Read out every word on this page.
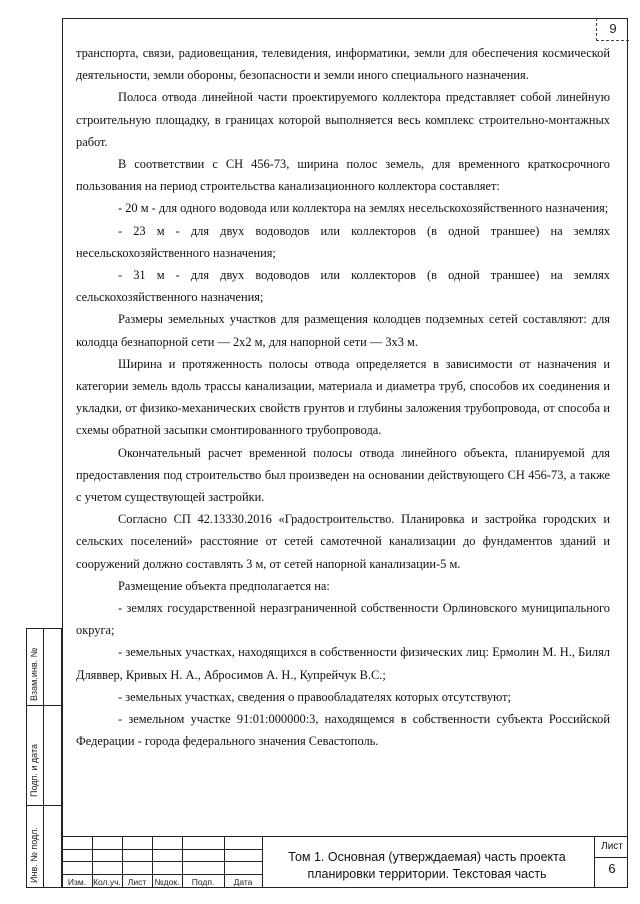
9

транспорта, связи, радиовещания, телевидения, информатики, земли для обеспечения космической деятельности, земли обороны, безопасности и земли иного специального назначения.

Полоса отвода линейной части проектируемого коллектора представляет собой линейную строительную площадку, в границах которой выполняется весь комплекс строительно-монтажных работ.

В соответствии с СН 456-73, ширина полос земель, для временного краткосрочного пользования на период строительства канализационного коллектора составляет:

- 20 м - для одного водовода или коллектора на землях несельскохозяйственного назначения;

- 23 м - для двух водоводов или коллекторов (в одной траншее) на землях несельскохозяйственного назначения;

- 31 м - для двух водоводов или коллекторов (в одной траншее) на землях сельскохозяйственного назначения;

Размеры земельных участков для размещения колодцев подземных сетей составляют: для колодца безнапорной сети — 2х2 м, для напорной сети — 3х3 м.

Ширина и протяженность полосы отвода определяется в зависимости от назначения и категории земель вдоль трассы канализации, материала и диаметра труб, способов их соединения и укладки, от физико-механических свойств грунтов и глубины заложения трубопровода, от способа и схемы обратной засыпки смонтированного трубопровода.

Окончательный расчет временной полосы отвода линейного объекта, планируемой для предоставления под строительство был произведен на основании действующего СН 456-73, а также с учетом существующей застройки.

Согласно СП 42.13330.2016 «Градостроительство. Планировка и застройка городских и сельских поселений» расстояние от сетей самотечной канализации до фундаментов зданий и сооружений должно составлять 3 м, от сетей напорной канализации-5 м.

Размещение объекта предполагается на:

- землях государственной неразграниченной собственности Орлиновского муниципального округа;

- земельных участках, находящихся в собственности физических лиц: Ермолин М. Н., Билял Дляввер, Кривых Н. А., Абросимов А. Н., Купрейчук В.С.;

- земельных участках, сведения о правообладателях которых отсутствуют;

- земельном участке 91:01:000000:3, находящемся в собственности субъекта Российской Федерации - города федерального значения Севастополь.

Взам.инв. №
Подп. и дата
Инв. № подл.	Изм. Кол.уч. Лист №док.	Подп.	Дата
Том 1. Основная (утверждаемая) часть проекта планировки территории. Текстовая часть
Лист
6
